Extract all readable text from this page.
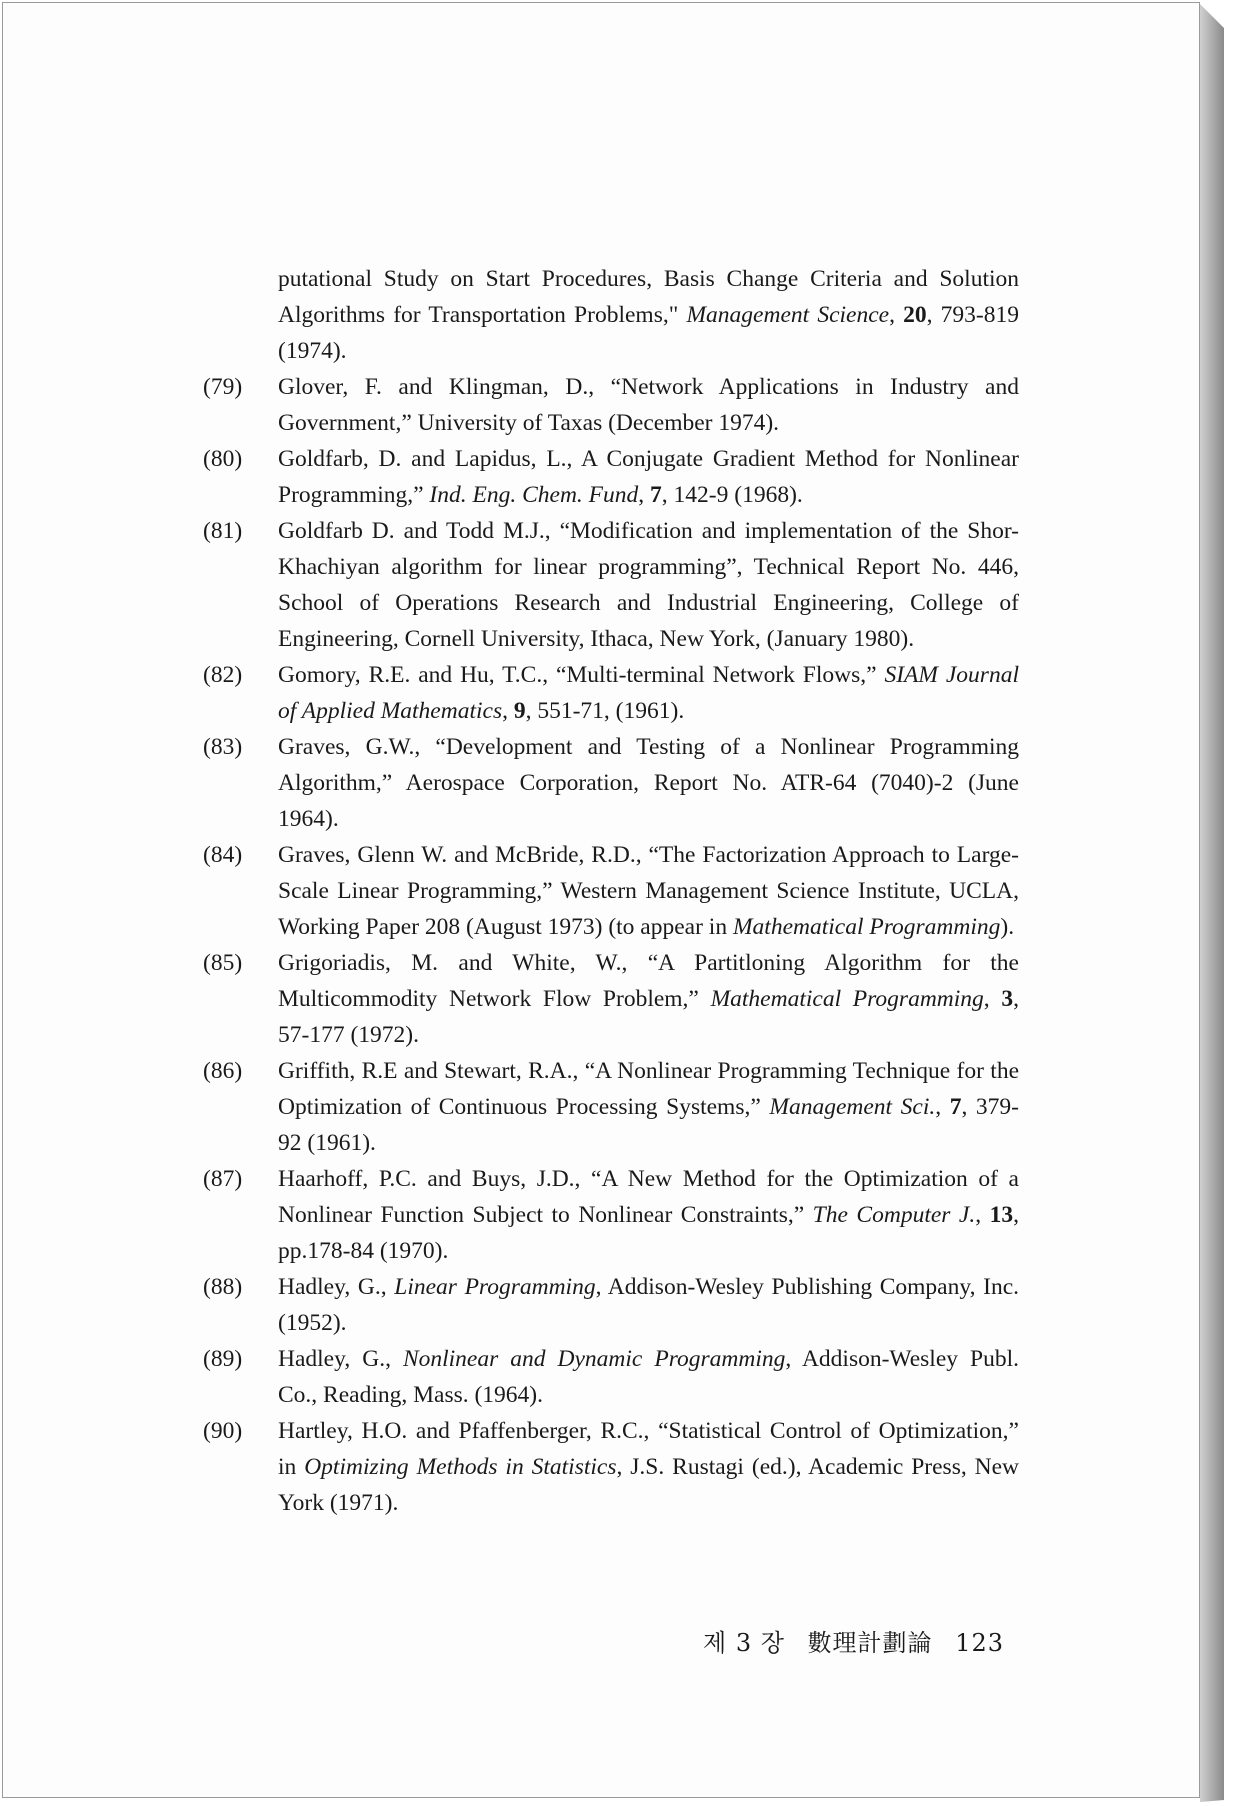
putational Study on Start Procedures, Basis Change Criteria and Solution Algorithms for Transportation Problems," Management Science, 20, 793-819 (1974).
(79) Glover, F. and Klingman, D., “Network Applications in Industry and Government,” University of Taxas (December 1974).
(80) Goldfarb, D. and Lapidus, L., A Conjugate Gradient Method for Nonlinear Programming,” Ind. Eng. Chem. Fund, 7, 142-9 (1968).
(81) Goldfarb D. and Todd M.J., “Modification and implementation of the Shor-Khachiyan algorithm for linear programming”, Technical Report No. 446, School of Operations Research and Industrial Engineering, College of Engineering, Cornell University, Ithaca, New York, (January 1980).
(82) Gomory, R.E. and Hu, T.C., “Multi-terminal Network Flows,” SIAM Journal of Applied Mathematics, 9, 551-71, (1961).
(83) Graves, G.W., “Development and Testing of a Nonlinear Programming Algorithm,” Aerospace Corporation, Report No. ATR-64 (7040)-2 (June 1964).
(84) Graves, Glenn W. and McBride, R.D., “The Factorization Approach to Large-Scale Linear Programming,” Western Management Science Institute, UCLA, Working Paper 208 (August 1973) (to appear in Mathematical Programming).
(85) Grigoriadis, M. and White, W., “A Partitloning Algorithm for the Multicommodity Network Flow Problem,” Mathematical Programming, 3, 57-177 (1972).
(86) Griffith, R.E and Stewart, R.A., “A Nonlinear Programming Technique for the Optimization of Continuous Processing Systems,” Management Sci., 7, 379-92 (1961).
(87) Haarhoff, P.C. and Buys, J.D., “A New Method for the Optimization of a Nonlinear Function Subject to Nonlinear Constraints,” The Computer J., 13, pp.178-84 (1970).
(88) Hadley, G., Linear Programming, Addison-Wesley Publishing Company, Inc. (1952).
(89) Hadley, G., Nonlinear and Dynamic Programming, Addison-Wesley Publ. Co., Reading, Mass. (1964).
(90) Hartley, H.O. and Pfaffenberger, R.C., “Statistical Control of Optimization,” in Optimizing Methods in Statistics, J.S. Rustagi (ed.), Academic Press, New York (1971).
제 3 장 數理計劃論 123
